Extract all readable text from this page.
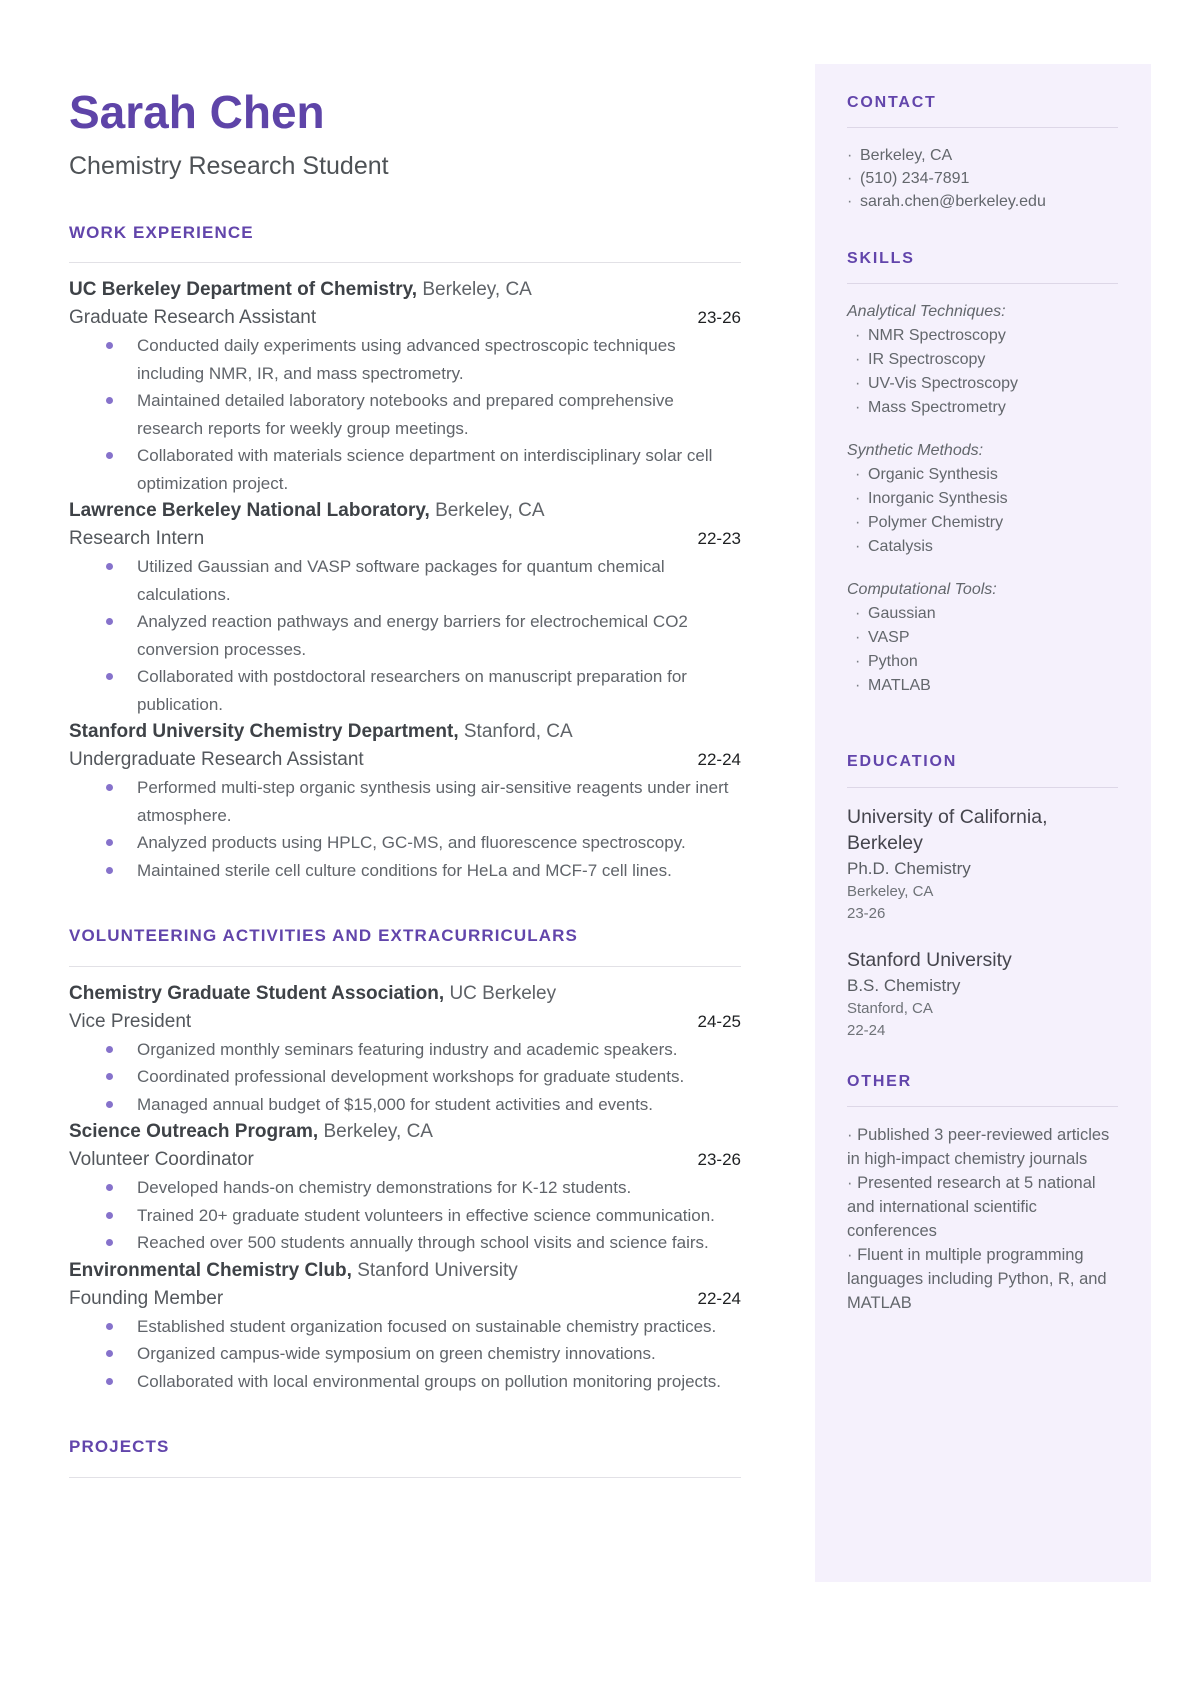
Sarah Chen
Chemistry Research Student
WORK EXPERIENCE
UC Berkeley Department of Chemistry, Berkeley, CA
Graduate Research Assistant	23-26
Conducted daily experiments using advanced spectroscopic techniques including NMR, IR, and mass spectrometry.
Maintained detailed laboratory notebooks and prepared comprehensive research reports for weekly group meetings.
Collaborated with materials science department on interdisciplinary solar cell optimization project.
Lawrence Berkeley National Laboratory, Berkeley, CA
Research Intern	22-23
Utilized Gaussian and VASP software packages for quantum chemical calculations.
Analyzed reaction pathways and energy barriers for electrochemical CO2 conversion processes.
Collaborated with postdoctoral researchers on manuscript preparation for publication.
Stanford University Chemistry Department, Stanford, CA
Undergraduate Research Assistant	22-24
Performed multi-step organic synthesis using air-sensitive reagents under inert atmosphere.
Analyzed products using HPLC, GC-MS, and fluorescence spectroscopy.
Maintained sterile cell culture conditions for HeLa and MCF-7 cell lines.
VOLUNTEERING ACTIVITIES AND EXTRACURRICULARS
Chemistry Graduate Student Association, UC Berkeley
Vice President	24-25
Organized monthly seminars featuring industry and academic speakers.
Coordinated professional development workshops for graduate students.
Managed annual budget of $15,000 for student activities and events.
Science Outreach Program, Berkeley, CA
Volunteer Coordinator	23-26
Developed hands-on chemistry demonstrations for K-12 students.
Trained 20+ graduate student volunteers in effective science communication.
Reached over 500 students annually through school visits and science fairs.
Environmental Chemistry Club, Stanford University
Founding Member	22-24
Established student organization focused on sustainable chemistry practices.
Organized campus-wide symposium on green chemistry innovations.
Collaborated with local environmental groups on pollution monitoring projects.
PROJECTS
CONTACT
· Berkeley, CA
· (510) 234-7891
· sarah.chen@berkeley.edu
SKILLS
Analytical Techniques:
· NMR Spectroscopy
· IR Spectroscopy
· UV-Vis Spectroscopy
· Mass Spectrometry
Synthetic Methods:
· Organic Synthesis
· Inorganic Synthesis
· Polymer Chemistry
· Catalysis
Computational Tools:
· Gaussian
· VASP
· Python
· MATLAB
EDUCATION
University of California, Berkeley
Ph.D. Chemistry
Berkeley, CA
23-26
Stanford University
B.S. Chemistry
Stanford, CA
22-24
OTHER
· Published 3 peer-reviewed articles in high-impact chemistry journals
· Presented research at 5 national and international scientific conferences
· Fluent in multiple programming languages including Python, R, and MATLAB
